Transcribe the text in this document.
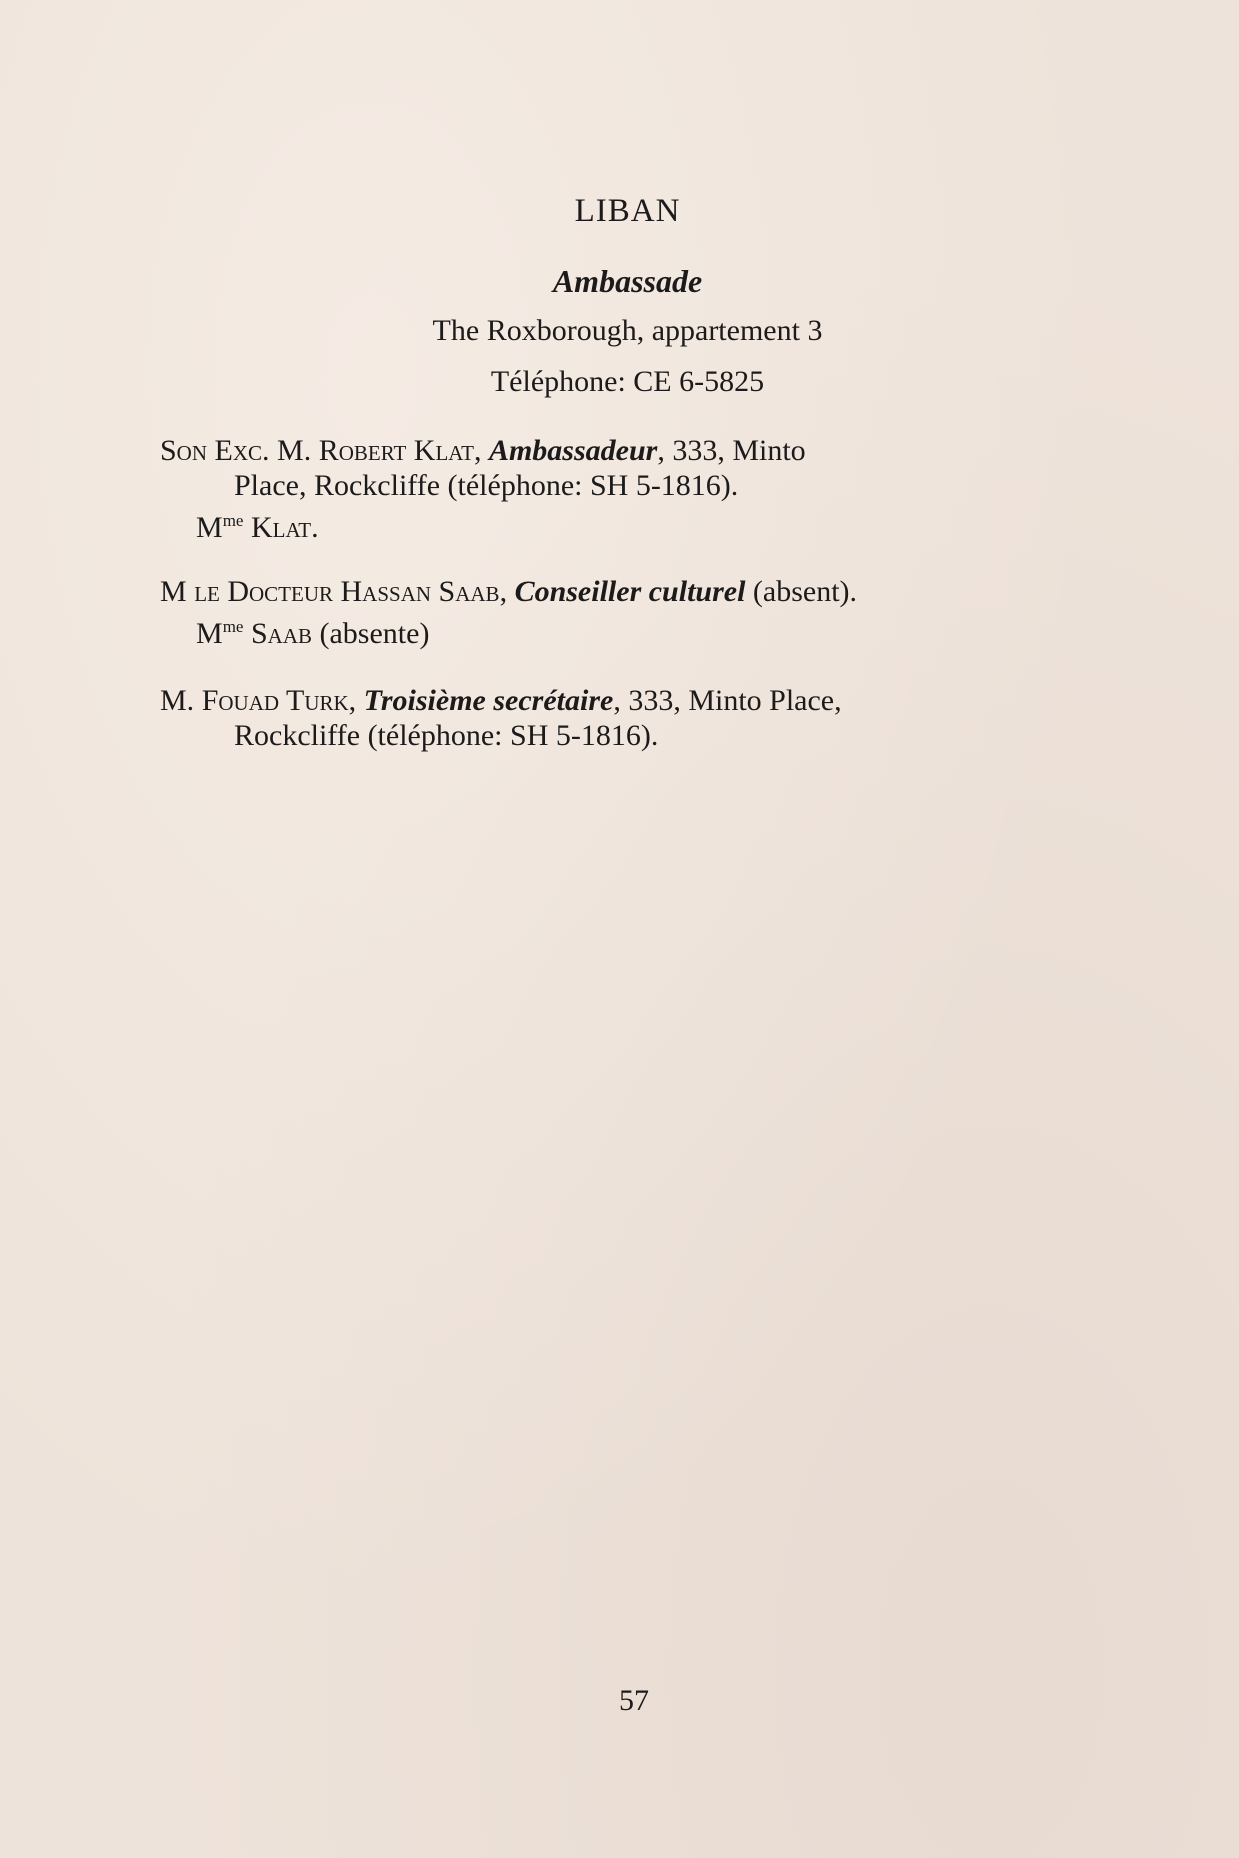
LIBAN
Ambassade
The Roxborough, appartement 3
Téléphone: CE 6-5825
Son Exc. M. Robert Klat, Ambassadeur, 333, Minto
Place, Rockcliffe (téléphone: SH 5-1816).
$M^{me}$ Klat.
M le Docteur Hassan Saab, Conseiller culturel (absent).
$M^{me}$ Saab (absente)
M. Fouad Turk, Troisième secrétaire, 333, Minto Place,
Rockcliffe (téléphone: SH 5-1816).
57
